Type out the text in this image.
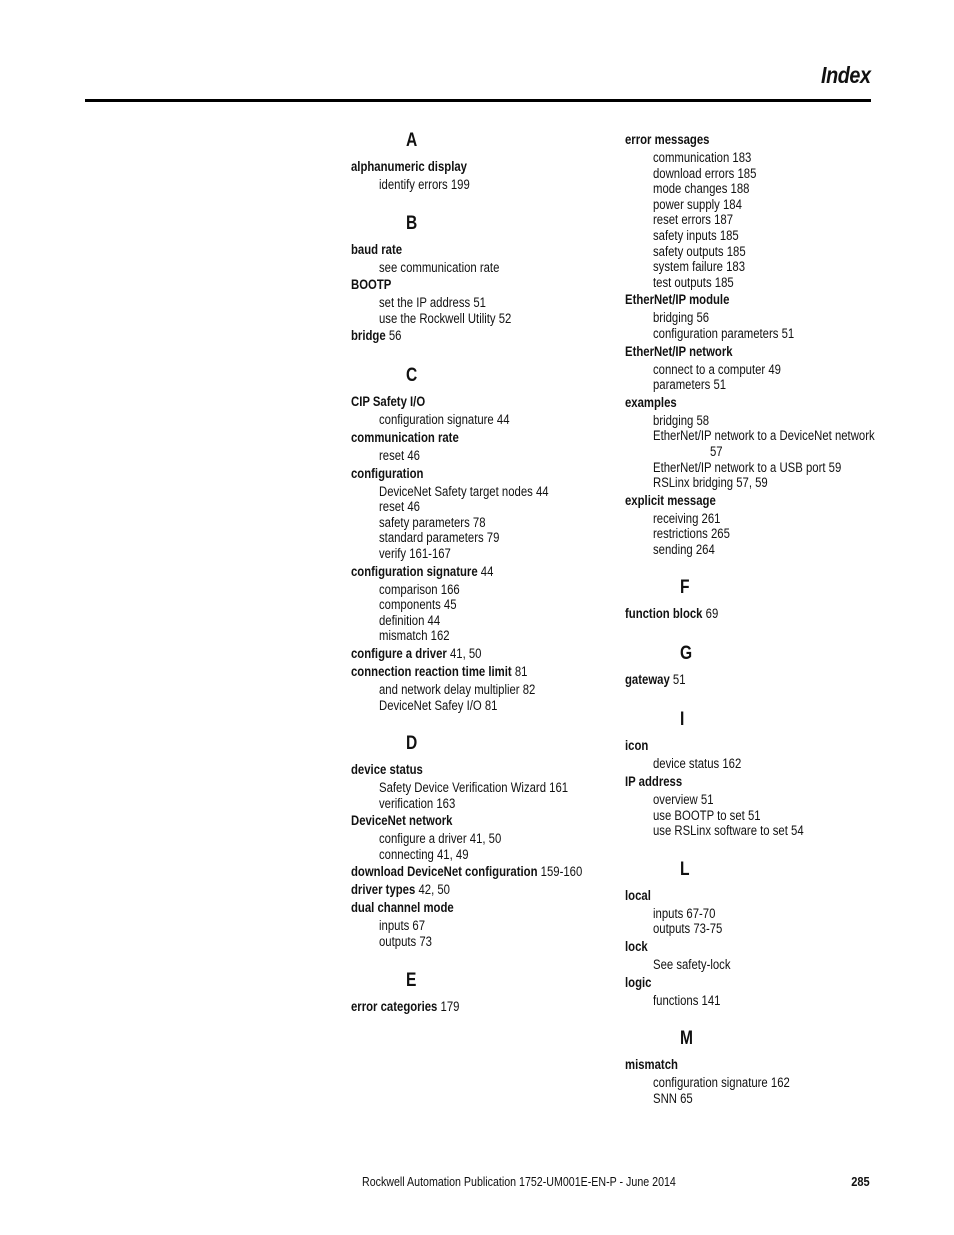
Index
A
alphanumeric display
identify errors 199
B
baud rate
see communication rate
BOOTP
set the IP address 51
use the Rockwell Utility 52
bridge 56
C
CIP Safety I/O
configuration signature 44
communication rate
reset 46
configuration
DeviceNet Safety target nodes 44
reset 46
safety parameters 78
standard parameters 79
verify 161-167
configuration signature 44
comparison 166
components 45
definition 44
mismatch 162
configure a driver 41, 50
connection reaction time limit 81
and network delay multiplier 82
DeviceNet Safey I/O 81
D
device status
Safety Device Verification Wizard 161
verification 163
DeviceNet network
configure a driver 41, 50
connecting 41, 49
download DeviceNet configuration 159-160
driver types 42, 50
dual channel mode
inputs 67
outputs 73
E
error categories 179
error messages
communication 183
download errors 185
mode changes 188
power supply 184
reset errors 187
safety inputs 185
safety outputs 185
system failure 183
test outputs 185
EtherNet/IP module
bridging 56
configuration parameters 51
EtherNet/IP network
connect to a computer 49
parameters 51
examples
bridging 58
EtherNet/IP network to a DeviceNet network
57
EtherNet/IP network to a USB port 59
RSLinx bridging 57, 59
explicit message
receiving 261
restrictions 265
sending 264
F
function block 69
G
gateway 51
I
icon
device status 162
IP address
overview 51
use BOOTP to set 51
use RSLinx software to set 54
L
local
inputs 67-70
outputs 73-75
lock
See safety-lock
logic
functions 141
M
mismatch
configuration signature 162
SNN 65
Rockwell Automation Publication 1752-UM001E-EN-P - June 2014	285
